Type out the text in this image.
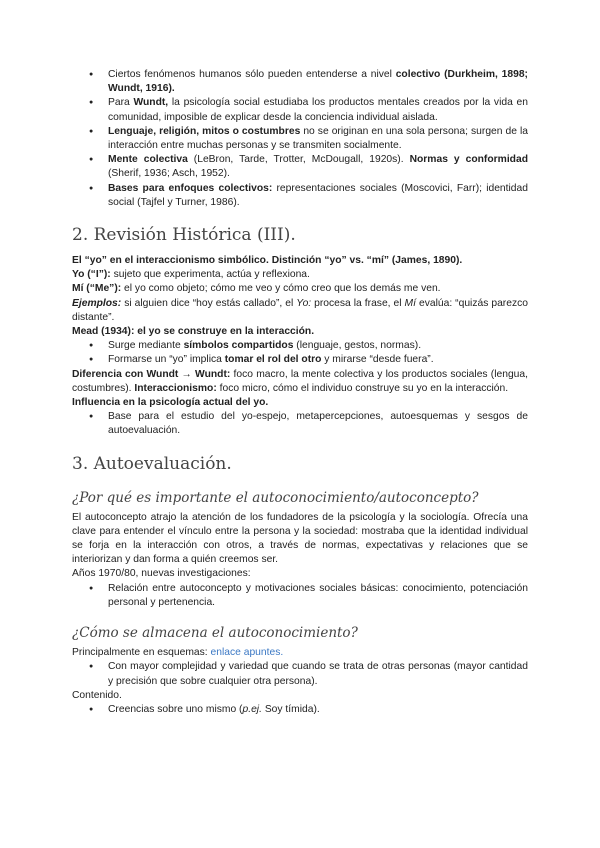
● Ciertos fenómenos humanos sólo pueden entenderse a nivel colectivo (Durkheim, 1898; Wundt, 1916).
● Para Wundt, la psicología social estudiaba los productos mentales creados por la vida en comunidad, imposible de explicar desde la conciencia individual aislada.
● Lenguaje, religión, mitos o costumbres no se originan en una sola persona; surgen de la interacción entre muchas personas y se transmiten socialmente.
● Mente colectiva (LeBron, Tarde, Trotter, McDougall, 1920s). Normas y conformidad (Sherif, 1936; Asch, 1952).
● Bases para enfoques colectivos: representaciones sociales (Moscovici, Farr); identidad social (Tajfel y Turner, 1986).
2. Revisión Histórica (III).

El “yo” en el interaccionismo simbólico. Distinción “yo” vs. “mí” (James, 1890).

Yo (“I”): sujeto que experimenta, actúa y reflexiona.

Mí (“Me”): el yo como objeto; cómo me veo y cómo creo que los demás me ven.

Ejemplos: si alguien dice “hoy estás callado”, el Yo: procesa la frase, el Mí evalúa: “quizás parezco distante”.

Mead (1934): el yo se construye en la interacción.

● Surge mediante símbolos compartidos (lenguaje, gestos, normas).
● Formarse un “yo” implica tomar el rol del otro y mirarse “desde fuera”.

Diferencia con Wundt → Wundt: foco macro, la mente colectiva y los productos sociales (lengua, costumbres). Interaccionismo: foco micro, cómo el individuo construye su yo en la interacción.

Influencia en la psicología actual del yo.

● Base para el estudio del yo-espejo, metapercepciones, autoesquemas y sesgos de autoevaluación.
3. Autoevaluación.
¿Por qué es importante el autoconocimiento/autoconcepto?

El autoconcepto atrajo la atención de los fundadores de la psicología y la sociología. Ofrecía una clave para entender el vínculo entre la persona y la sociedad: mostraba que la identidad individual se forja en la interacción con otros, a través de normas, expectativas y relaciones que se interiorizan y dan forma a quién creemos ser.

Años 1970/80, nuevas investigaciones:

● Relación entre autoconcepto y motivaciones sociales básicas: conocimiento, potenciación personal y pertenencia.
¿Cómo se almacena el autoconocimiento?

Principalmente en esquemas: enlace apuntes.

● Con mayor complejidad y variedad que cuando se trata de otras personas (mayor cantidad y precisión que sobre cualquier otra persona).

Contenido.

● Creencias sobre uno mismo (p.ej. Soy tímida).
